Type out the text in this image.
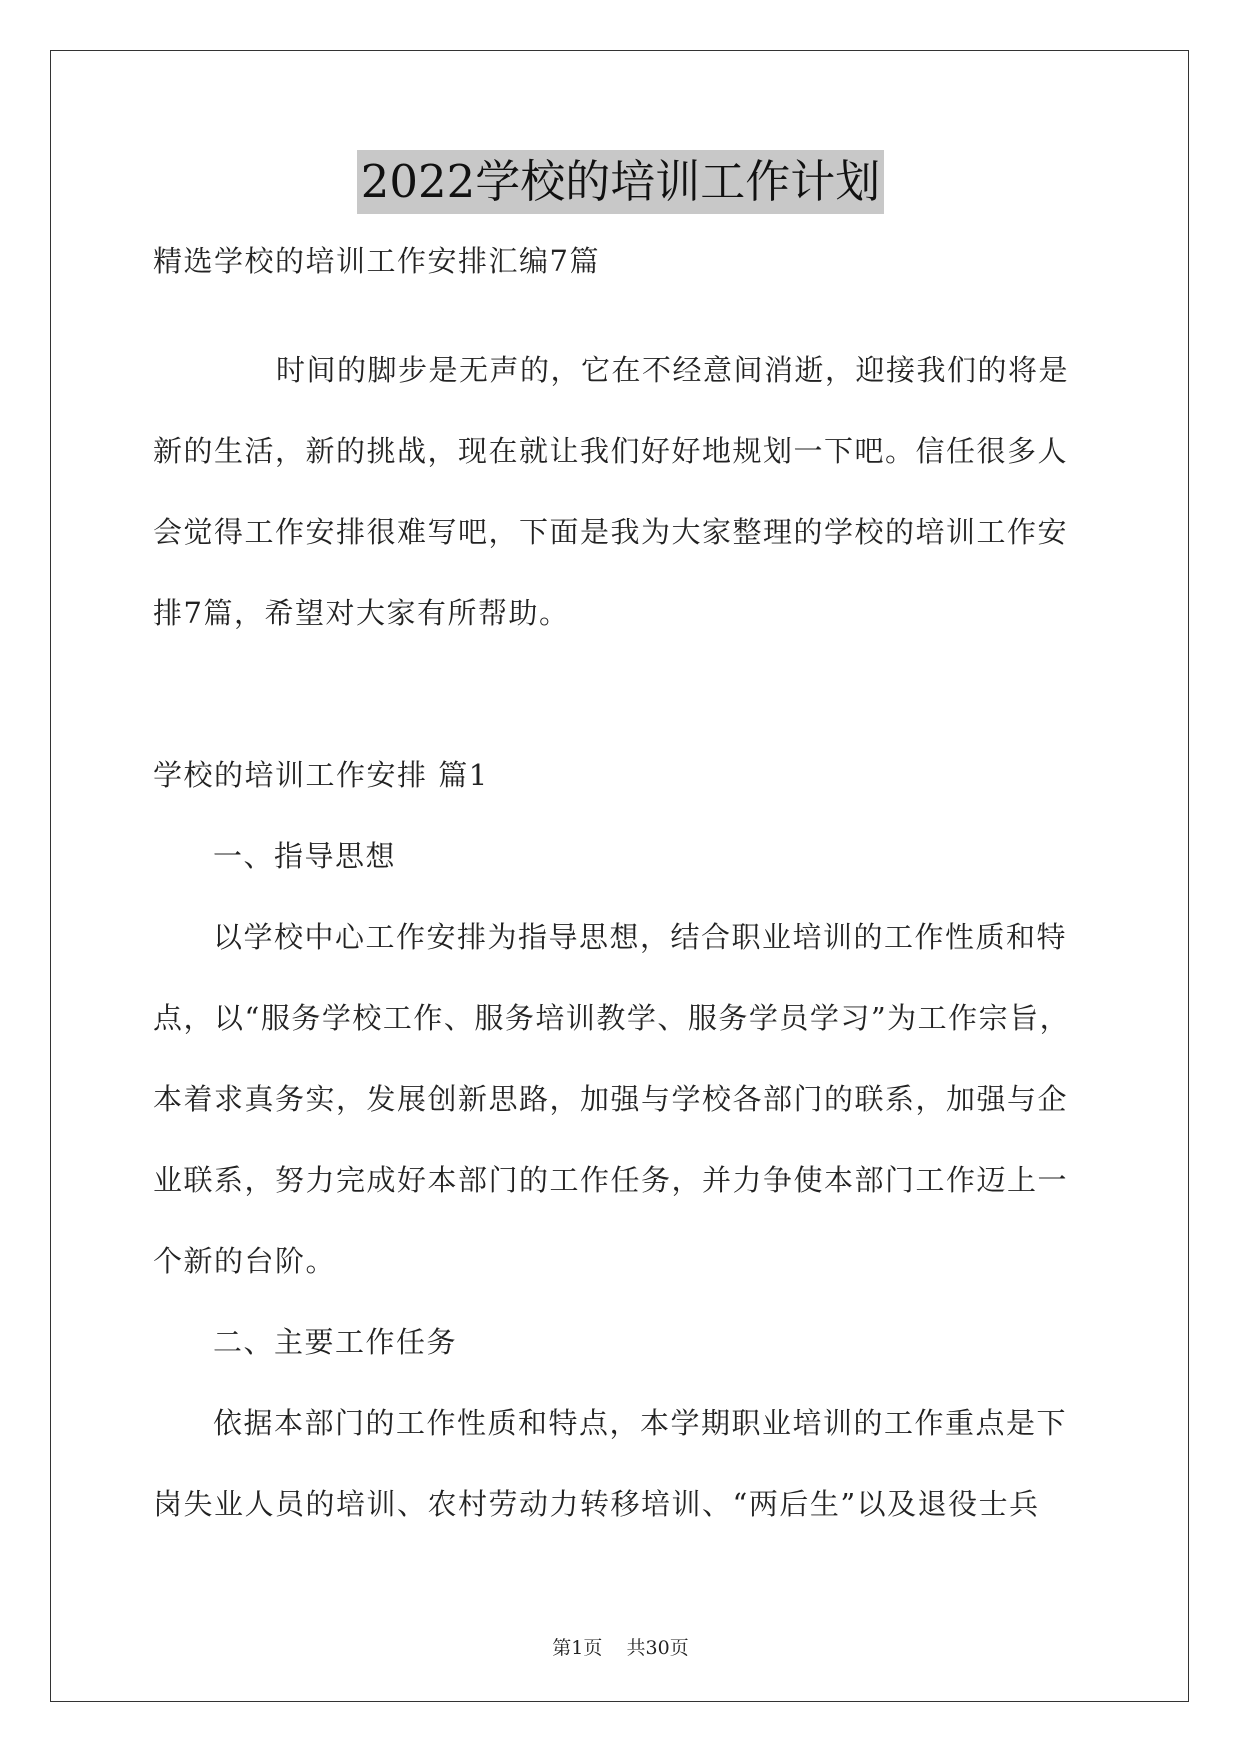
2022学校的培训工作计划
精选学校的培训工作安排汇编7篇
时间的脚步是无声的，它在不经意间消逝，迎接我们的将是
新的生活，新的挑战，现在就让我们好好地规划一下吧。信任很多人
会觉得工作安排很难写吧，下面是我为大家整理的学校的培训工作安
排7篇，希望对大家有所帮助。
学校的培训工作安排 篇1
一、指导思想
以学校中心工作安排为指导思想，结合职业培训的工作性质和特
点，以“服务学校工作、服务培训教学、服务学员学习”为工作宗旨，
本着求真务实，发展创新思路，加强与学校各部门的联系，加强与企
业联系，努力完成好本部门的工作任务，并力争使本部门工作迈上一
个新的台阶。
二、主要工作任务
依据本部门的工作性质和特点，本学期职业培训的工作重点是下
岗失业人员的培训、农村劳动力转移培训、“两后生”以及退役士兵
第1页 共30页
